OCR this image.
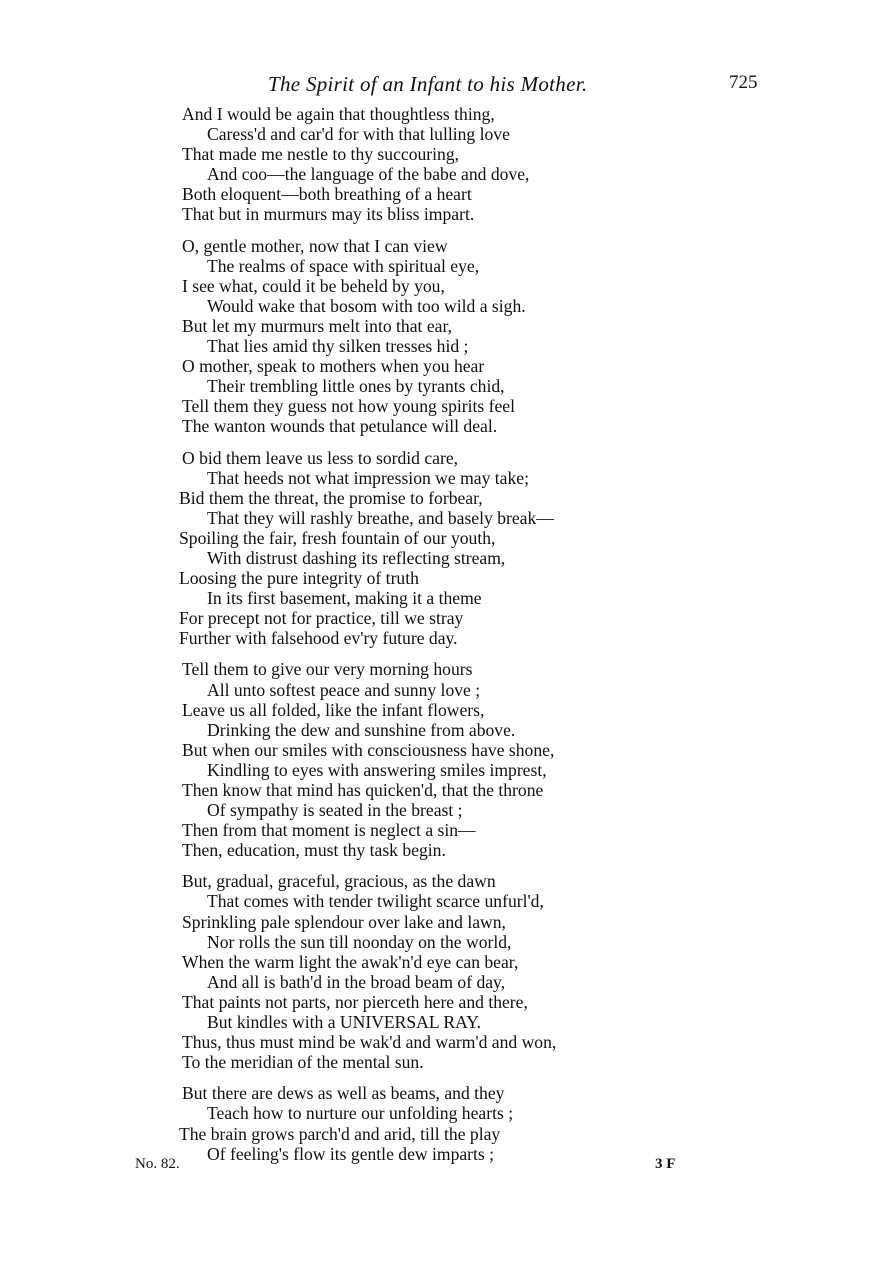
The Spirit of an Infant to his Mother.	725
And I would be again that thoughtless thing,
Caress'd and car'd for with that lulling love
That made me nestle to thy succouring,
And coo—the language of the babe and dove,
Both eloquent—both breathing of a heart
That but in murmurs may its bliss impart.
O, gentle mother, now that I can view
The realms of space with spiritual eye,
I see what, could it be beheld by you,
Would wake that bosom with too wild a sigh.
But let my murmurs melt into that ear,
That lies amid thy silken tresses hid ;
O mother, speak to mothers when you hear
Their trembling little ones by tyrants chid,
Tell them they guess not how young spirits feel
The wanton wounds that petulance will deal.
O bid them leave us less to sordid care,
That heeds not what impression we may take;
Bid them the threat, the promise to forbear,
That they will rashly breathe, and basely break—
Spoiling the fair, fresh fountain of our youth,
With distrust dashing its reflecting stream,
Loosing the pure integrity of truth
In its first basement, making it a theme
For precept not for practice, till we stray
Further with falsehood ev'ry future day.
Tell them to give our very morning hours
All unto softest peace and sunny love ;
Leave us all folded, like the infant flowers,
Drinking the dew and sunshine from above.
But when our smiles with consciousness have shone,
Kindling to eyes with answering smiles imprest,
Then know that mind has quicken'd, that the throne
Of sympathy is seated in the breast ;
Then from that moment is neglect a sin—
Then, education, must thy task begin.
But, gradual, graceful, gracious, as the dawn
That comes with tender twilight scarce unfurl'd,
Sprinkling pale splendour over lake and lawn,
Nor rolls the sun till noonday on the world,
When the warm light the awak'n'd eye can bear,
And all is bath'd in the broad beam of day,
That paints not parts, nor pierceth here and there,
But kindles with a UNIVERSAL RAY.
Thus, thus must mind be wak'd and warm'd and won,
To the meridian of the mental sun.
But there are dews as well as beams, and they
Teach how to nurture our unfolding hearts ;
The brain grows parch'd and arid, till the play
Of feeling's flow its gentle dew imparts ;
No. 82.	3 F
